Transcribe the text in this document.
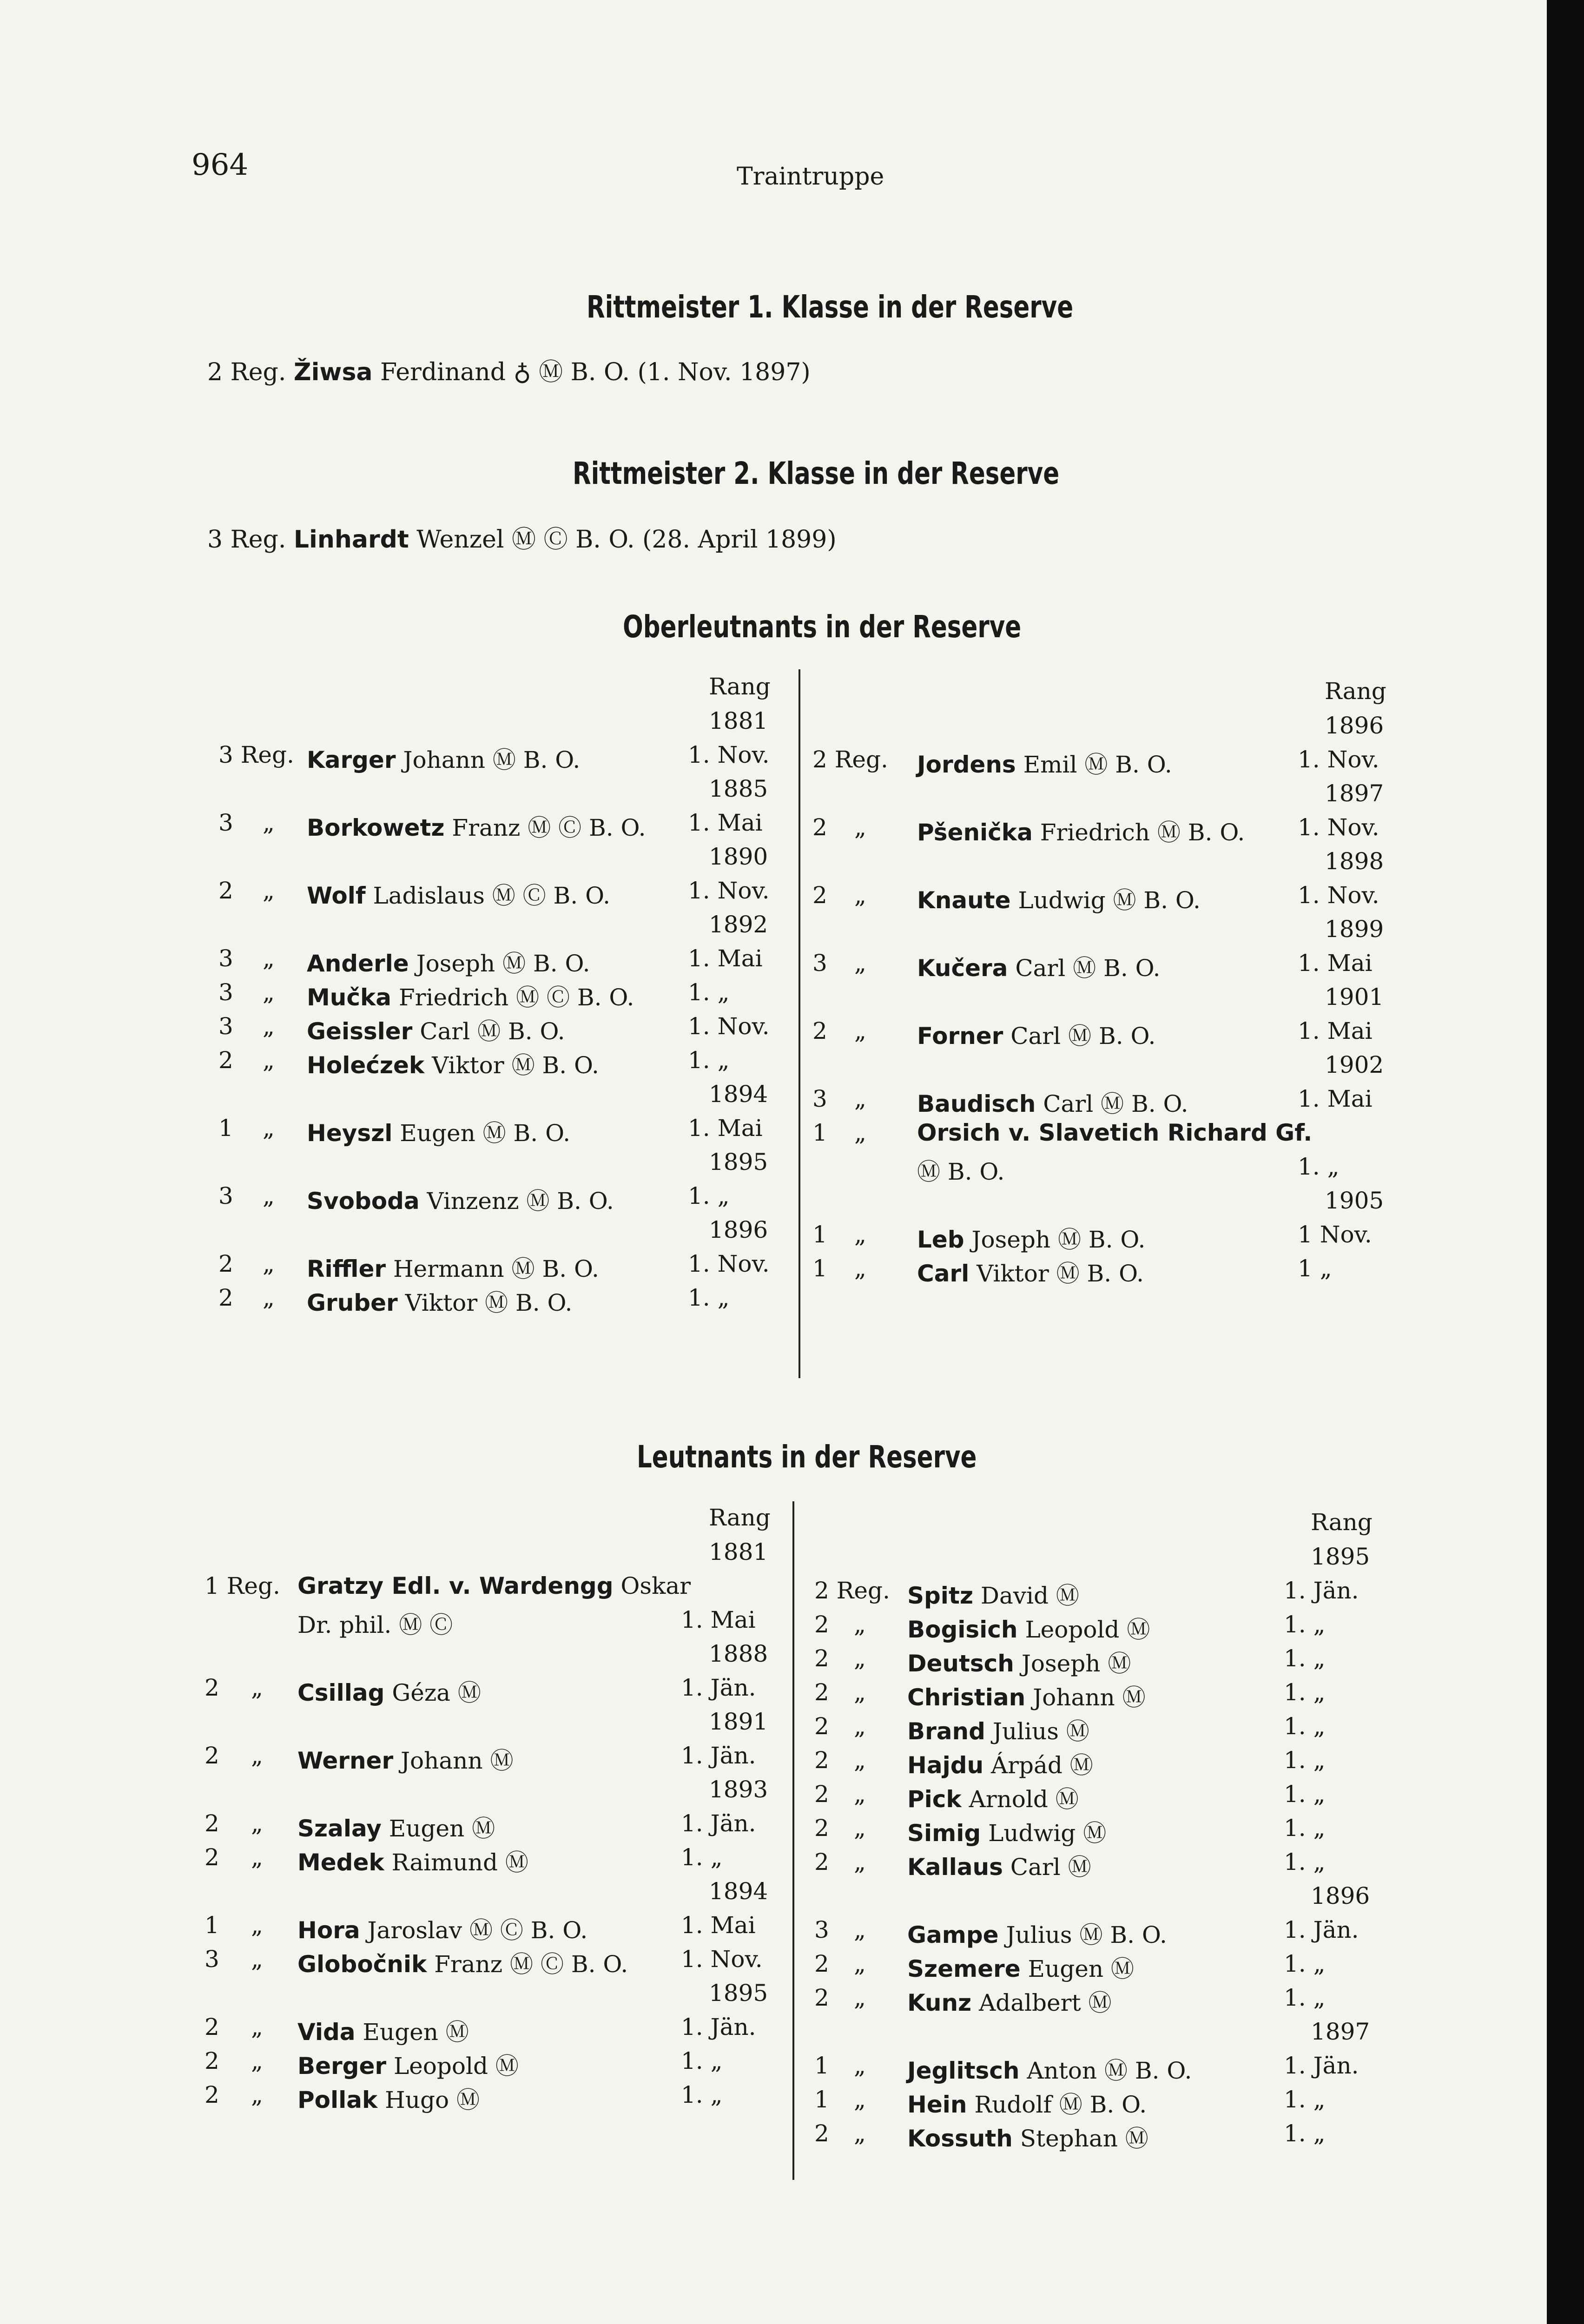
964	Traintruppe
Rittmeister 1. Klasse in der Reserve
2 Reg. Žiwsa Ferdinand ♁ Ⓜ B. O. (1. Nov. 1897)
Rittmeister 2. Klasse in der Reserve
3 Reg. Linhardt Wenzel Ⓜ Ⓒ B. O. (28. April 1899)
Oberleutnants in der Reserve
Rang
1881
3 Reg. Karger Johann Ⓜ B. O.	1. Nov.
1885
3 „ Borkowetz Franz Ⓜ Ⓒ B. O. 1. Mai
1890
2 „ Wolf Ladislaus Ⓜ Ⓒ B. O.	1. Nov.
1892
3 „ Anderle Joseph Ⓜ B. O.	1. Mai
3 „ Mučka Friedrich Ⓜ Ⓒ B. O. 1. „
3 „ Geissler Carl Ⓜ B. O.	1. Nov.
2 „ Holećzek Viktor Ⓜ B. O.	1. „
1894
1 „ Heyszl Eugen Ⓜ B. O.	1. Mai
1895
3 „ Svoboda Vinzenz Ⓜ B. O.	1. „
1896
2 „ Riffler Hermann Ⓜ B. O.	1. Nov.
2 „ Gruber Viktor Ⓜ B. O.	1. „
Rang
1896
2 Reg. Jordens Emil Ⓜ B. O.	1. Nov.
1897
2 „ Pšenička Friedrich Ⓜ B. O. 1. Nov.
1898
2 „ Knaute Ludwig Ⓜ B. O.	1. Nov.
1899
3 „ Kučera Carl Ⓜ B. O.	1. Mai
1901
2 „ Forner Carl Ⓜ B. O.	1. Mai
1902
3 „ Baudisch Carl Ⓜ B. O.	1. Mai
1 „ Orsich v. Slavetich Richard Gf.
Ⓜ B. O.	1. „
1905
1 „ Leb Joseph Ⓜ B. O.	1 Nov.
1 „ Carl Viktor Ⓜ B. O.	1 „
Leutnants in der Reserve
Rang
1881
1 Reg. Gratzy Edl. v. Wardengg Oskar
Dr. phil. Ⓜ Ⓒ	1. Mai
1888
2 „ Csillag Géza Ⓜ	1. Jän.
1891
2 „ Werner Johann Ⓜ	1. Jän.
1893
2 „ Szalay Eugen Ⓜ	1. Jän.
2 „ Medek Raimund Ⓜ	1. „
1894
1 „ Hora Jaroslav Ⓜ Ⓒ B. O.	1. Mai
3 „ Globočnik Franz Ⓜ Ⓒ B. O. 1. Nov.
1895
2 „ Vida Eugen Ⓜ	1. Jän.
2 „ Berger Leopold Ⓜ	1. „
2 „ Pollak Hugo Ⓜ	1. „
Rang
1895
2 Reg. Spitz David Ⓜ	1. Jän.
2 „ Bogisich Leopold Ⓜ	1. „
2 „ Deutsch Joseph Ⓜ	1. „
2 „ Christian Johann Ⓜ	1. „
2 „ Brand Julius Ⓜ	1. „
2 „ Hajdu Árpád Ⓜ	1. „
2 „ Pick Arnold Ⓜ	1. „
2 „ Simig Ludwig Ⓜ	1. „
2 „ Kallaus Carl Ⓜ	1. „
1896
3 „ Gampe Julius Ⓜ B. O.	1. Jän.
2 „ Szemere Eugen Ⓜ	1. „
2 „ Kunz Adalbert Ⓜ	1. „
1897
1 „ Jeglitsch Anton Ⓜ B. O.	1. Jän.
1 „ Hein Rudolf Ⓜ B. O.	1. „
2 „ Kossuth Stephan Ⓜ	1. „
